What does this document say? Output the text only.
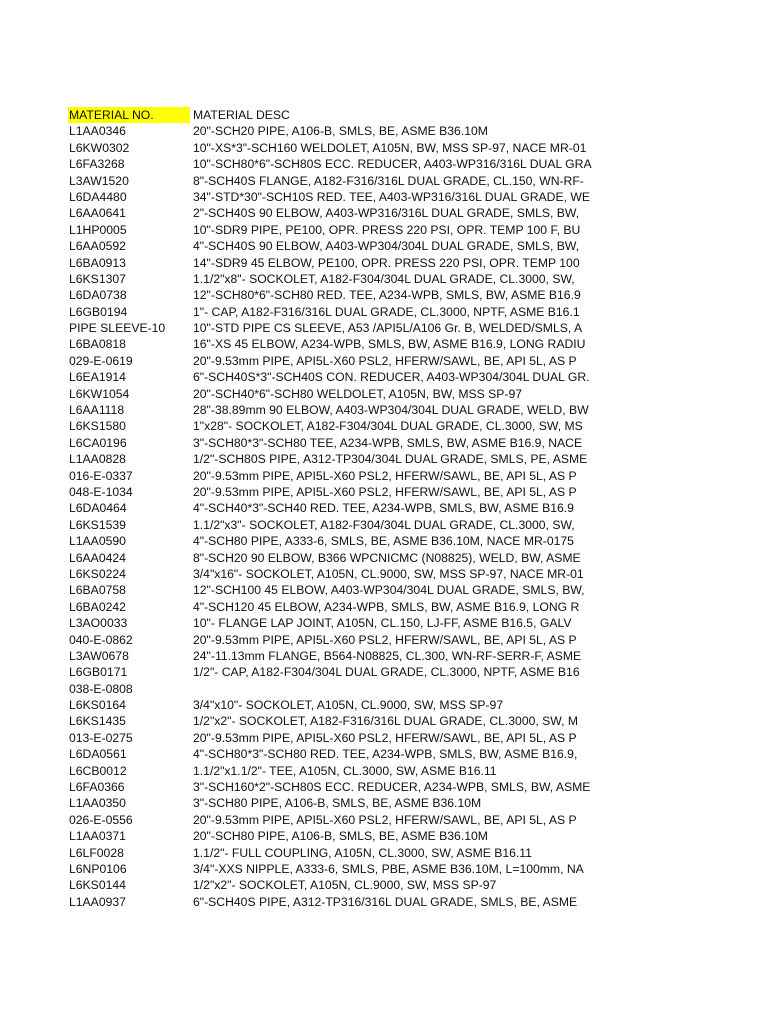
MATERIAL NO.	MATERIAL DESC
L1AA0346	20"-SCH20 PIPE, A106-B, SMLS, BE, ASME B36.10M
L6KW0302	10"-XS*3"-SCH160 WELDOLET, A105N, BW, MSS SP-97, NACE MR-01
L6FA3268	10"-SCH80*6"-SCH80S ECC. REDUCER, A403-WP316/316L DUAL GRA
L3AW1520	8"-SCH40S FLANGE, A182-F316/316L DUAL GRADE, CL.150, WN-RF-
L6DA4480	34"-STD*30"-SCH10S RED. TEE, A403-WP316/316L DUAL GRADE, WE
L6AA0641	2"-SCH40S 90 ELBOW, A403-WP316/316L DUAL GRADE, SMLS, BW,
L1HP0005	10"-SDR9 PIPE, PE100, OPR. PRESS 220 PSI, OPR. TEMP 100 F, BU
L6AA0592	4"-SCH40S 90 ELBOW, A403-WP304/304L DUAL GRADE, SMLS, BW,
L6BA0913	14"-SDR9 45 ELBOW, PE100, OPR. PRESS 220 PSI, OPR. TEMP 100
L6KS1307	1.1/2"x8"- SOCKOLET, A182-F304/304L DUAL GRADE, CL.3000, SW,
L6DA0738	12"-SCH80*6"-SCH80 RED. TEE, A234-WPB, SMLS, BW, ASME B16.9
L6GB0194	1"- CAP, A182-F316/316L DUAL GRADE, CL.3000, NPTF, ASME B16.1
PIPE SLEEVE-10	10"-STD PIPE CS SLEEVE, A53 /API5L/A106 Gr. B, WELDED/SMLS, A
L6BA0818	16"-XS 45 ELBOW, A234-WPB, SMLS, BW, ASME B16.9, LONG RADIU
029-E-0619	20"-9.53mm PIPE, API5L-X60 PSL2, HFERW/SAWL, BE, API 5L, AS P
L6EA1914	6"-SCH40S*3"-SCH40S CON. REDUCER, A403-WP304/304L DUAL GR.
L6KW1054	20"-SCH40*6"-SCH80 WELDOLET, A105N, BW, MSS SP-97
L6AA1118	28"-38.89mm 90 ELBOW, A403-WP304/304L DUAL GRADE, WELD, BW
L6KS1580	1"x28"- SOCKOLET, A182-F304/304L DUAL GRADE, CL.3000, SW, MS
L6CA0196	3"-SCH80*3"-SCH80 TEE, A234-WPB, SMLS, BW, ASME B16.9, NACE
L1AA0828	1/2"-SCH80S PIPE, A312-TP304/304L DUAL GRADE, SMLS, PE, ASME
016-E-0337	20"-9.53mm PIPE, API5L-X60 PSL2, HFERW/SAWL, BE, API 5L, AS P
048-E-1034	20"-9.53mm PIPE, API5L-X60 PSL2, HFERW/SAWL, BE, API 5L, AS P
L6DA0464	4"-SCH40*3"-SCH40 RED. TEE, A234-WPB, SMLS, BW, ASME B16.9
L6KS1539	1.1/2"x3"- SOCKOLET, A182-F304/304L DUAL GRADE, CL.3000, SW,
L1AA0590	4"-SCH80 PIPE, A333-6, SMLS, BE, ASME B36.10M, NACE MR-0175
L6AA0424	8"-SCH20 90 ELBOW, B366 WPCNICMC (N08825), WELD, BW, ASME
L6KS0224	3/4"x16"- SOCKOLET, A105N, CL.9000, SW, MSS SP-97, NACE MR-01
L6BA0758	12"-SCH100 45 ELBOW, A403-WP304/304L DUAL GRADE, SMLS, BW,
L6BA0242	4"-SCH120 45 ELBOW, A234-WPB, SMLS, BW, ASME B16.9, LONG R
L3AO0033	10"- FLANGE LAP JOINT, A105N, CL.150, LJ-FF, ASME B16.5, GALV
040-E-0862	20"-9.53mm PIPE, API5L-X60 PSL2, HFERW/SAWL, BE, API 5L, AS P
L3AW0678	24"-11.13mm FLANGE, B564-N08825, CL.300, WN-RF-SERR-F, ASME
L6GB0171	1/2"- CAP, A182-F304/304L DUAL GRADE, CL.3000, NPTF, ASME B16
038-E-0808
L6KS0164	3/4"x10"- SOCKOLET, A105N, CL.9000, SW, MSS SP-97
L6KS1435	1/2"x2"- SOCKOLET, A182-F316/316L DUAL GRADE, CL.3000, SW, M
013-E-0275	20"-9.53mm PIPE, API5L-X60 PSL2, HFERW/SAWL, BE, API 5L, AS P
L6DA0561	4"-SCH80*3"-SCH80 RED. TEE, A234-WPB, SMLS, BW, ASME B16.9,
L6CB0012	1.1/2"x1.1/2"- TEE, A105N, CL.3000, SW, ASME B16.11
L6FA0366	3"-SCH160*2"-SCH80S ECC. REDUCER, A234-WPB, SMLS, BW, ASME
L1AA0350	3"-SCH80 PIPE, A106-B, SMLS, BE, ASME B36.10M
026-E-0556	20"-9.53mm PIPE, API5L-X60 PSL2, HFERW/SAWL, BE, API 5L, AS P
L1AA0371	20"-SCH80 PIPE, A106-B, SMLS, BE, ASME B36.10M
L6LF0028	1.1/2"- FULL COUPLING, A105N, CL.3000, SW, ASME B16.11
L6NP0106	3/4"-XXS NIPPLE, A333-6, SMLS, PBE, ASME B36.10M, L=100mm, NA
L6KS0144	1/2"x2"- SOCKOLET, A105N, CL.9000, SW, MSS SP-97
L1AA0937	6"-SCH40S PIPE, A312-TP316/316L DUAL GRADE, SMLS, BE, ASME
